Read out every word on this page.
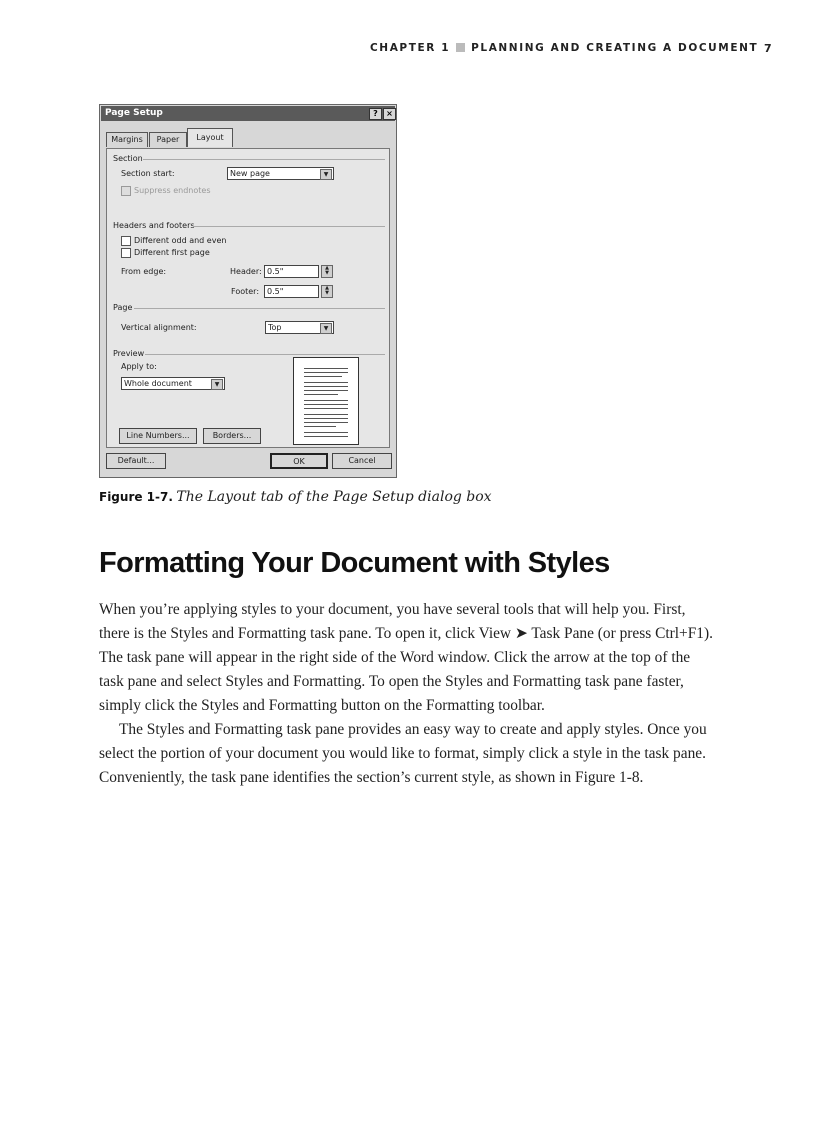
CHAPTER 1 PLANNING AND CREATING A DOCUMENT 7
Page Setup	?	×
Margins	Paper	Layout
Section
Section start:	New page	▼
Suppress endnotes
Headers and footers
Different odd and even
Different first page
From edge:	Header: 0.5"	▲
▼
Footer: 0.5"	▲
▼
Page
Vertical alignment:	Top	▼
Preview
Apply to:
Whole document	▼
Line Numbers...	Borders...
Default...	OK	Cancel
Figure 1-7. The Layout tab of the Page Setup dialog box
Formatting Your Document with Styles

When you’re applying styles to your document, you have several tools that will help you. First, there is the Styles and Formatting task pane. To open it, click View ➤ Task Pane (or press Ctrl+F1). The task pane will appear in the right side of the Word window. Click the arrow at the top of the task pane and select Styles and Formatting. To open the Styles and Formatting task pane faster, simply click the Styles and Formatting button on the Formatting toolbar.

The Styles and Formatting task pane provides an easy way to create and apply styles. Once you select the portion of your document you would like to format, simply click a style in the task pane. Conveniently, the task pane identifies the section’s current style, as shown in Figure 1-8.
